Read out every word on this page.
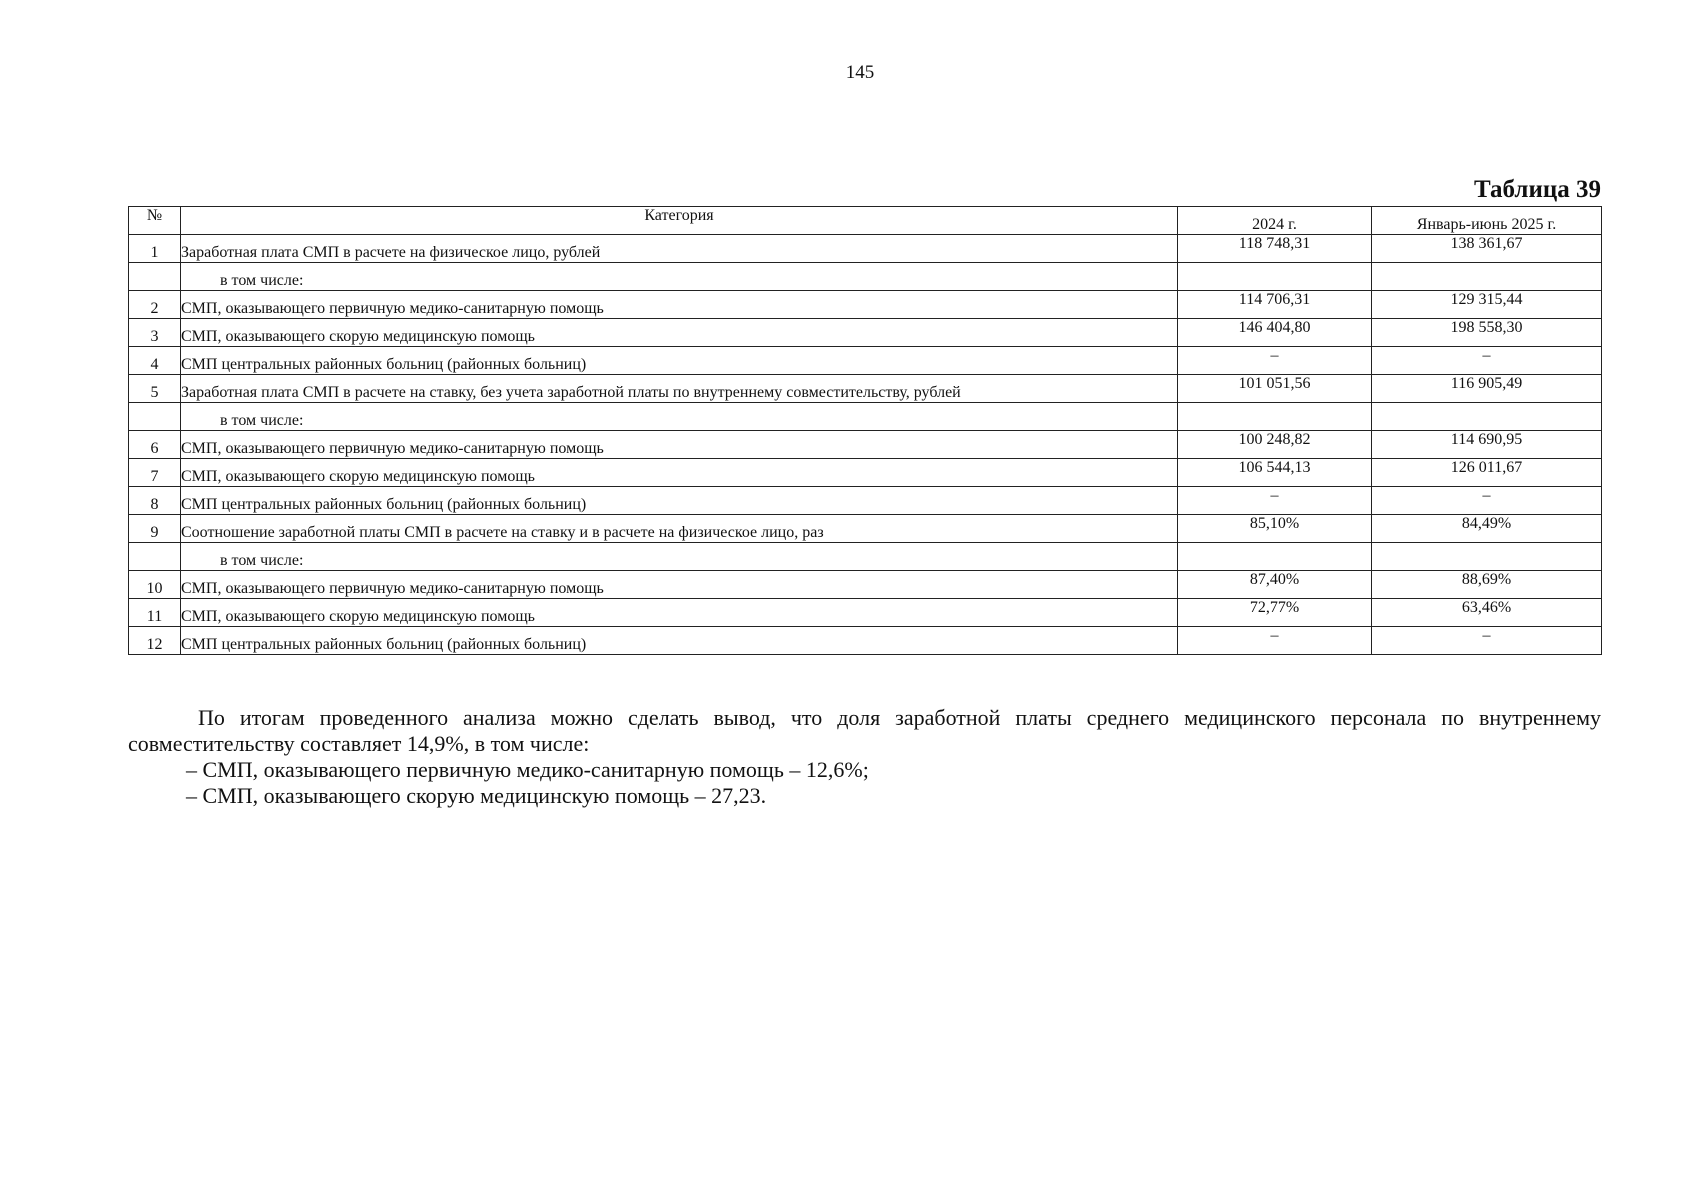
145
Таблица 39
№	Категория	2024 г.	Январь-июнь 2025 г.
1	Заработная плата СМП в расчете на физическое лицо, рублей	118 748,31	138 361,67
	в том числе:		
2	СМП, оказывающего первичную медико-санитарную помощь	114 706,31	129 315,44
3	СМП, оказывающего скорую медицинскую помощь	146 404,80	198 558,30
4	СМП центральных районных больниц (районных больниц)	–	–
5	Заработная плата СМП в расчете на ставку, без учета заработной платы по внутреннему совместительству, рублей	101 051,56	116 905,49
	в том числе:		
6	СМП, оказывающего первичную медико-санитарную помощь	100 248,82	114 690,95
7	СМП, оказывающего скорую медицинскую помощь	106 544,13	126 011,67
8	СМП центральных районных больниц (районных больниц)	–	–
9	Соотношение заработной платы СМП в расчете на ставку и в расчете на физическое лицо, раз	85,10%	84,49%
	в том числе:		
10	СМП, оказывающего первичную медико-санитарную помощь	87,40%	88,69%
11	СМП, оказывающего скорую медицинскую помощь	72,77%	63,46%
12	СМП центральных районных больниц (районных больниц)	–	–

По итогам проведенного анализа можно сделать вывод, что доля заработной платы среднего медицинского персонала по внутреннему совместительству составляет 14,9%, в том числе:

– СМП, оказывающего первичную медико-санитарную помощь – 12,6%;

– СМП, оказывающего скорую медицинскую помощь – 27,23.
